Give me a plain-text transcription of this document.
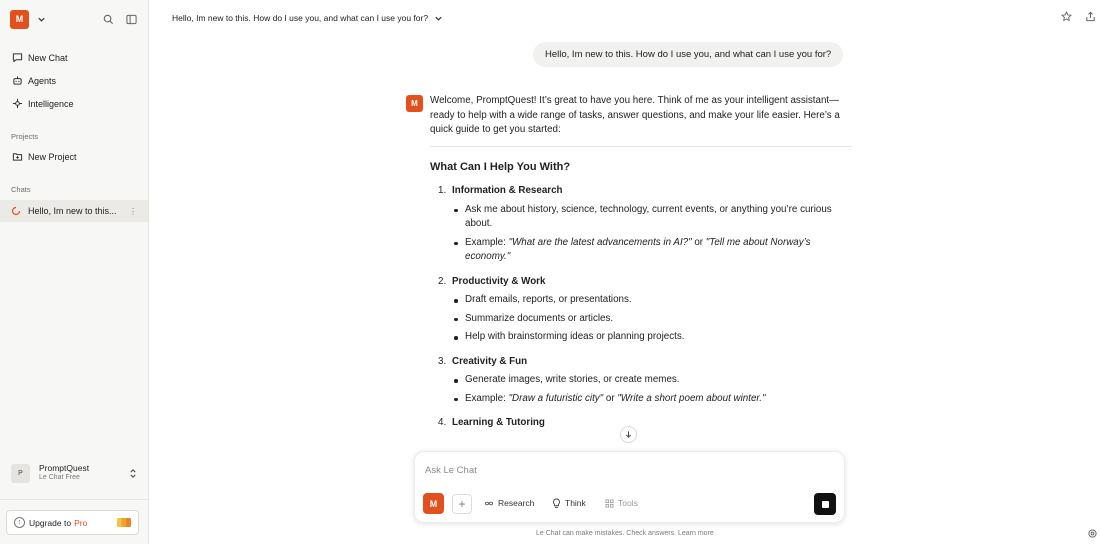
M
New Chat
Agents
Intelligence
Projects
New Project
Chats
Hello, Im new to this...	⋮
P	PromptQuest
Le Chat Free
↑ Upgrade to Pro
Hello, Im new to this. How do I use you, and what can I use you for?
Hello, Im new to this. How do I use you, and what can I use you for?
M	Welcome, PromptQuest! It’s great to have you here. Think of me as your intelligent assistant—ready to help with a wide range of tasks, answer questions, and make your life easier. Here’s a quick guide to get you started:
What Can I Help You With?
1. Information & Research
Ask me about history, science, technology, current events, or anything you’re curious about.
Example: "What are the latest advancements in AI?" or "Tell me about Norway’s economy."
2. Productivity & Work
Draft emails, reports, or presentations.
Summarize documents or articles.
Help with brainstorming ideas or planning projects.
3. Creativity & Fun
Generate images, write stories, or create memes.
Example: "Draw a futuristic city" or "Write a short poem about winter."
4. Learning & Tutoring
Ask Le Chat
M	+	Research	Think	Tools
Le Chat can make mistakes. Check answers. Learn more
